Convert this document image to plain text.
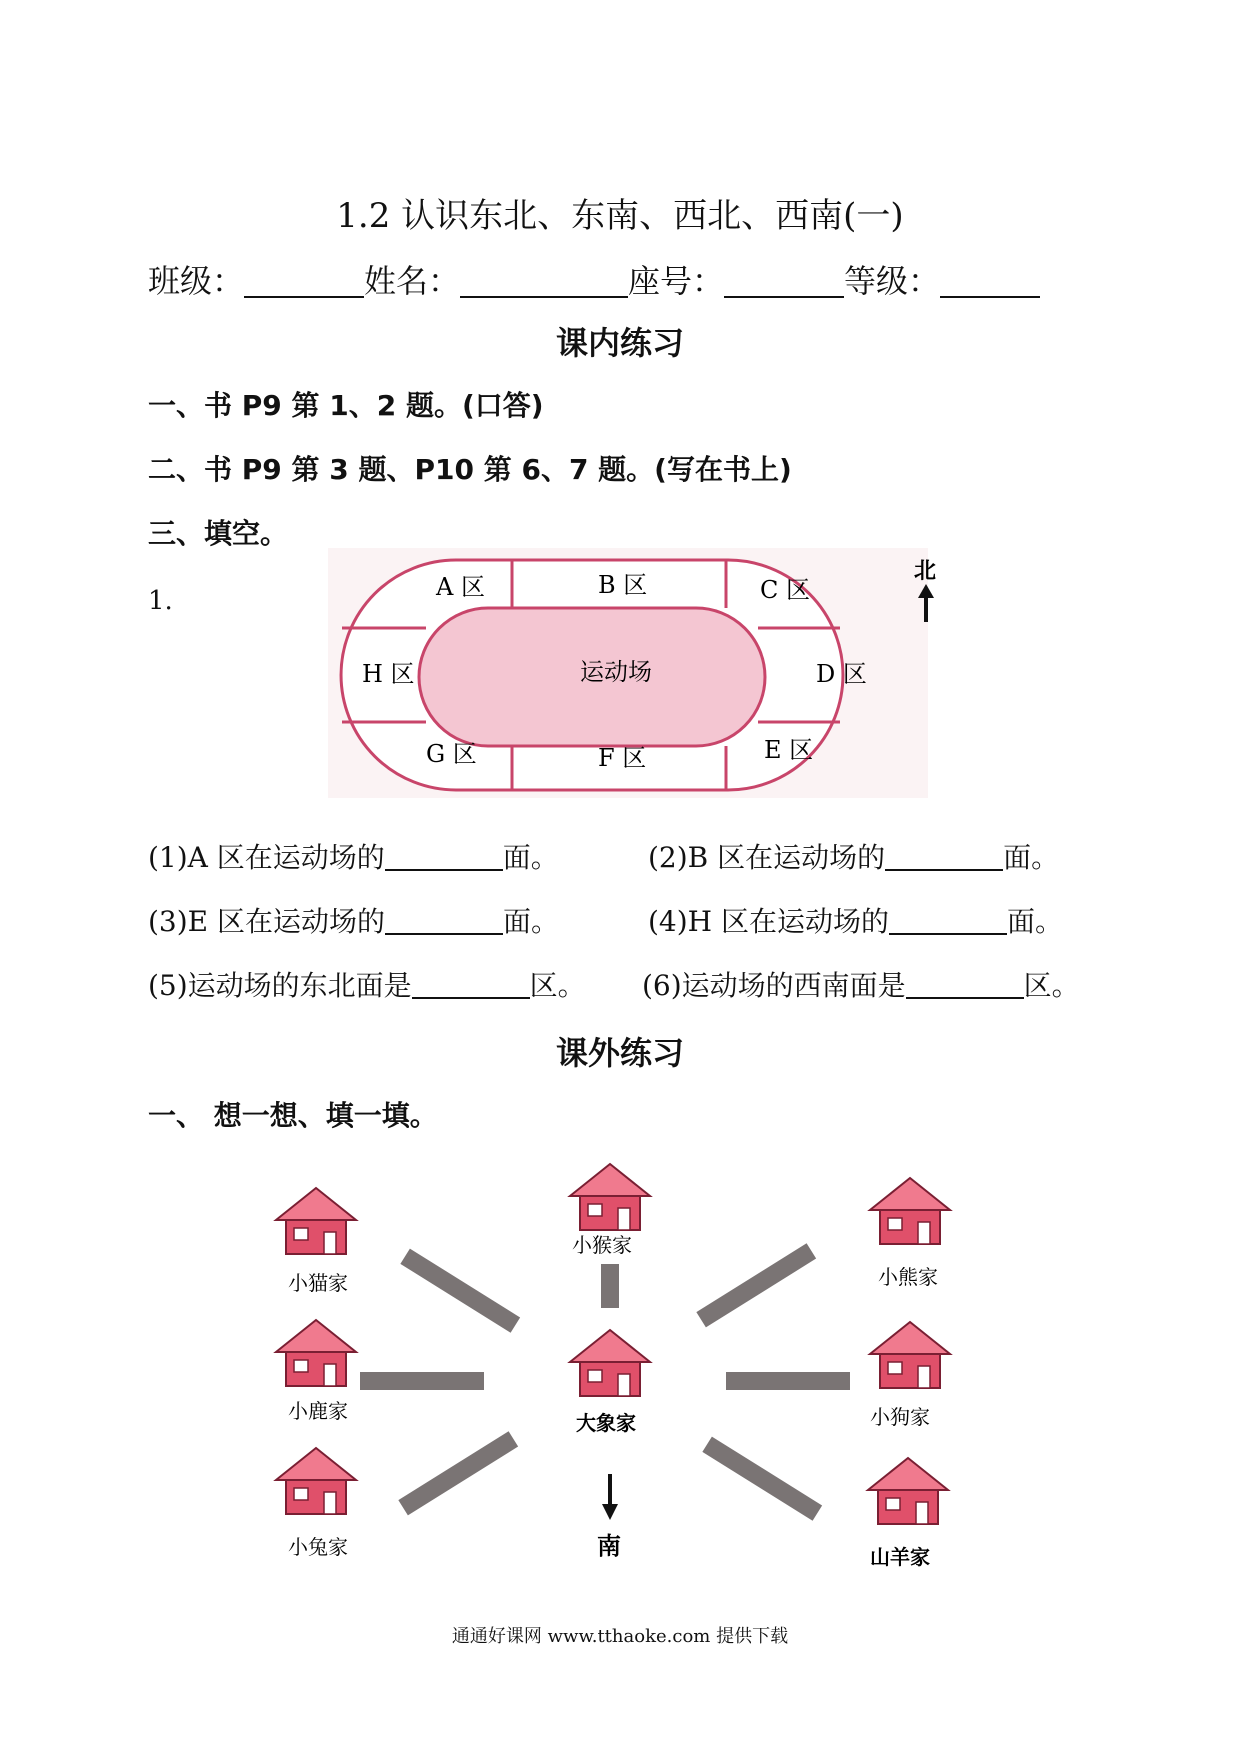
1.2 认识东北、东南、西北、西南(一)
班级：	姓名：	座号：	等级：
课内练习
一、书 P9 第 1、2 题。(口答)
二、书 P9 第 3 题、P10 第 6、7 题。(写在书上)
三、填空。
1.	A 区	B 区	C 区
D 区
E 区
F 区
G 区
H 区	运动场
北
(1)A 区在运动场的	面。	(2)B 区在运动场的	面。
(3)E 区在运动场的	面。	(4)H 区在运动场的	面。
(5)运动场的东北面是	区。 (6)运动场的西南面是	区。
课外练习
一、 想一想、填一填。
小猫家
小猴家
小熊家
小鹿家	大象家	小狗家
小兔家	山羊家
南
通通好课网 www.tthaoke.com 提供下载
